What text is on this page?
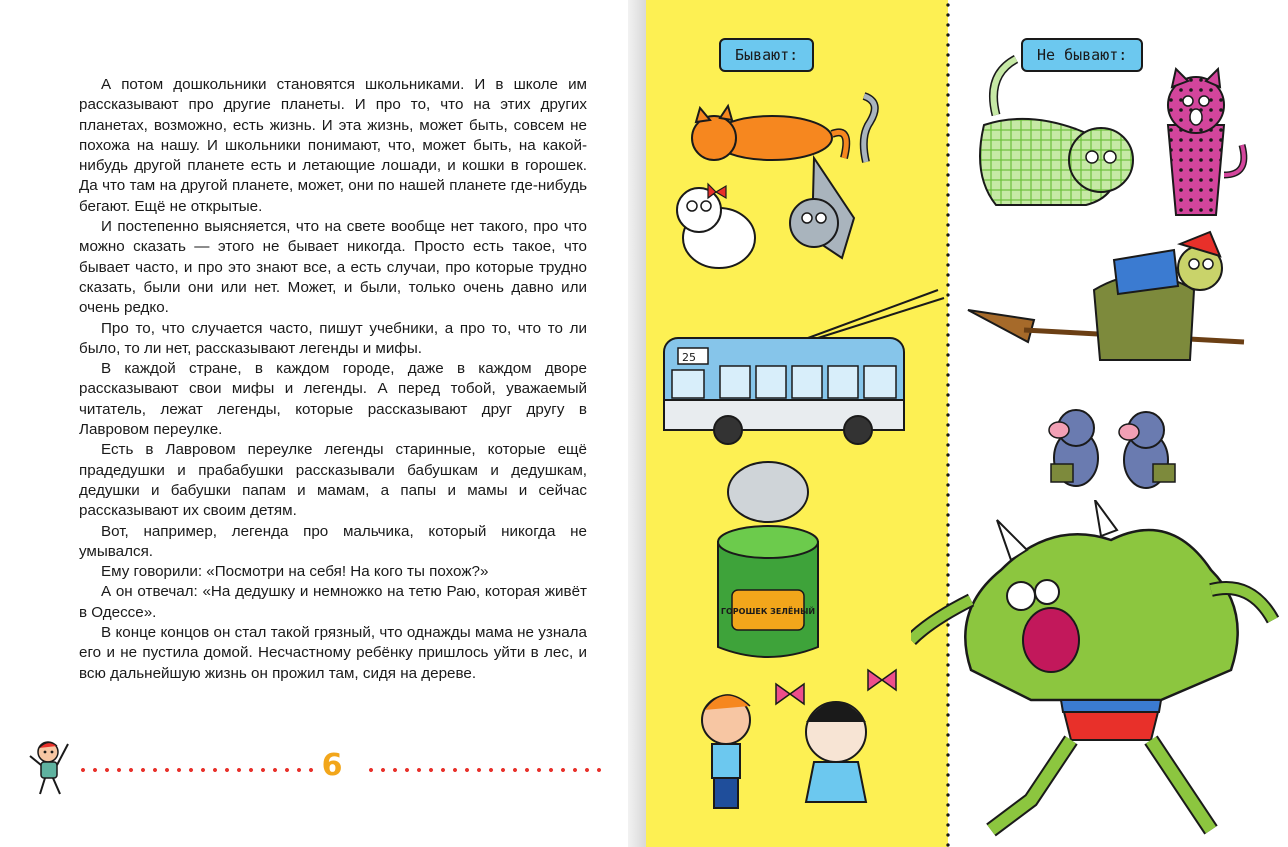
А потом дошкольники становятся школьниками. И в школе им рассказывают про другие планеты. И про то, что на этих других планетах, возможно, есть жизнь. И эта жизнь, может быть, совсем не похожа на нашу. И школьники понимают, что, может быть, на какой-нибудь другой планете есть и летающие лошади, и кошки в горошек. Да что там на другой планете, может, они по нашей планете где-нибудь бегают. Ещё не открытые.

И постепенно выясняется, что на свете вообще нет такого, про что можно сказать — этого не бывает никогда. Просто есть такое, что бывает часто, и про это знают все, а есть случаи, про которые трудно сказать, были они или нет. Может, и были, только очень давно или очень редко.

Про то, что случается часто, пишут учебники, а про то, что то ли было, то ли нет, рассказывают легенды и мифы.

В каждой стране, в каждом городе, даже в каждом дворе рассказывают свои мифы и легенды. А перед тобой, уважаемый читатель, лежат легенды, которые рассказывают друг другу в Лавровом переулке.

Есть в Лавровом переулке легенды старинные, которые ещё прадедушки и прабабушки рассказывали бабушкам и дедушкам, дедушки и бабушки папам и мамам, а папы и мамы и сейчас рассказывают их своим детям.

Вот, например, легенда про мальчика, который никогда не умывался.

Ему говорили: «Посмотри на себя! На кого ты похож?»

А он отвечал: «На дедушку и немножко на тетю Раю, которая живёт в Одессе».

В конце концов он стал такой грязный, что однажды мама не узнала его и не пустила домой. Несчастному ребёнку пришлось уйти в лес, и всю дальнейшую жизнь он прожил там, сидя на дереве.

6
Бывают:	Не бывают:
25
ГОРОШЕК ЗЕЛЁНЫЙ
